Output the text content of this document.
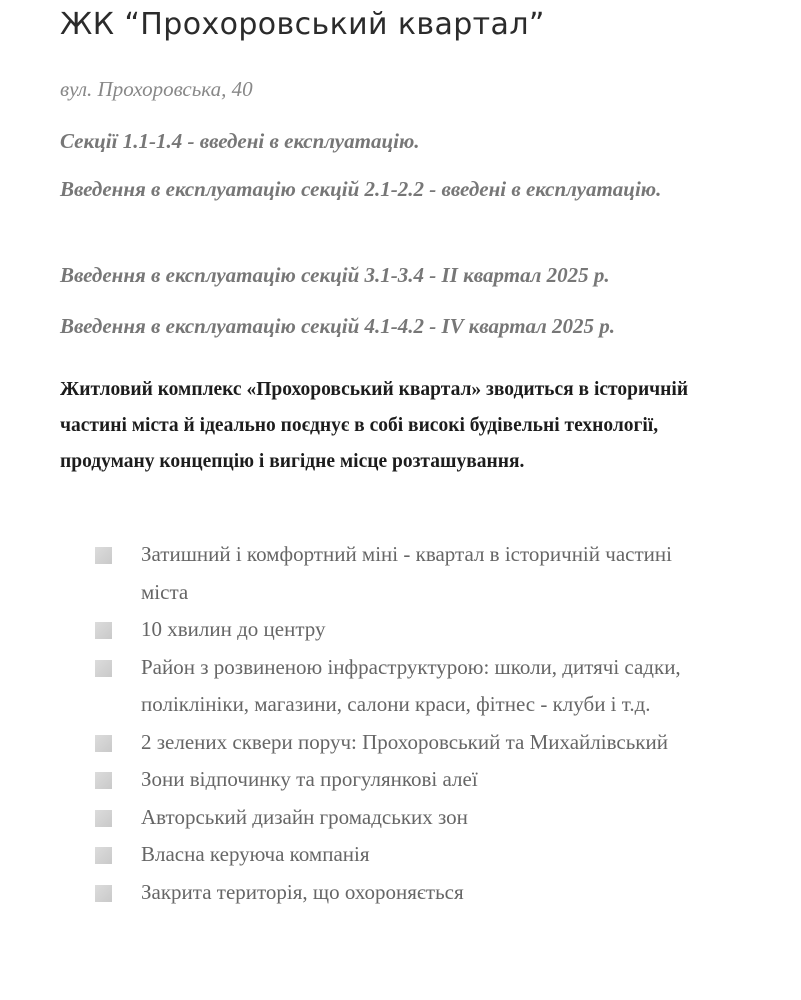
ЖК “Прохоровський квартал”

вул. Прохоровська, 40

Секції 1.1-1.4 - введені в експлуатацію.

Введення в експлуатацію секцій 2.1-2.2 - введені в експлуатацію.

Введення в експлуатацію секцій 3.1-3.4 - II квартал 2025 р.

Введення в експлуатацію секцій 4.1-4.2 - IV квартал 2025 р.

Житловий комплекс «Прохоровський квартал» зводиться в історичній частині міста й ідеально поєднує в собі високі будівельні технології, продуману концепцію і вигідне місце розташування.

Затишний і комфортний міні - квартал в історичній частині міста
10 хвилин до центру
Район з розвиненою інфраструктурою: школи, дитячі садки, поліклініки, магазини, салони краси, фітнес - клуби і т.д.
2 зелених сквери поруч: Прохоровський та Михайлівський
Зони відпочинку та прогулянкові алеї
Авторський дизайн громадських зон
Власна керуюча компанія
Закрита територія, що охороняється
